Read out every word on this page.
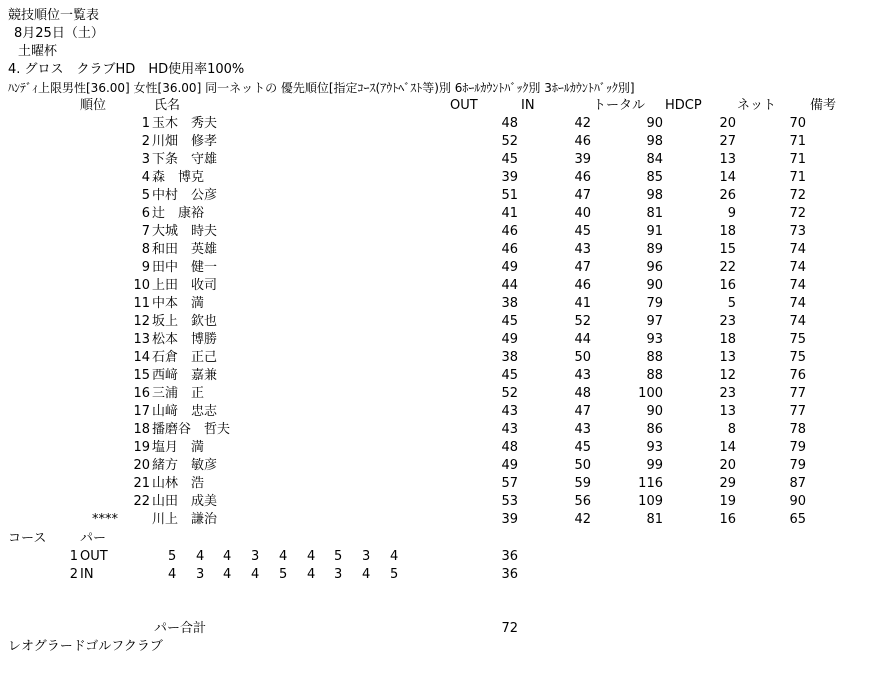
競技順位一覧表
8月25日（土）
土曜杯
4. グロス　クラブHD　HD使用率100%
ﾊﾝﾃﾞｨ上限男性[36.00] 女性[36.00] 同一ネットの 優先順位[指定ｺｰｽ(ｱｳﾄﾍﾞｽﾄ等)別 6ﾎｰﾙｶｳﾝﾄﾊﾞｯｸ別 3ﾎｰﾙｶｳﾝﾄﾊﾞｯｸ別]
順位	氏名	OUT	IN	トータル HDCP	ネット	備考
1 玉木　秀夫	48	42	90	20	70
2 川畑　修孝	52	46	98	27	71
3 下条　守雄	45	39	84	13	71
4 森　博克	39	46	85	14	71
5 中村　公彦	51	47	98	26	72
6 辻　康裕	41	40	81	9	72
7 大城　時夫	46	45	91	18	73
8 和田　英雄	46	43	89	15	74
9 田中　健一	49	47	96	22	74
10 上田　收司	44	46	90	16	74
11 中本　満	38	41	79	5	74
12 坂上　欽也	45	52	97	23	74
13 松本　博勝	49	44	93	18	75
14 石倉　正己	38	50	88	13	75
15 西﨑　嘉兼	45	43	88	12	76
16 三浦　正	52	48	100	23	77
17 山﨑　忠志	43	47	90	13	77
18 播磨谷　哲夫	43	43	86	8	78
19 塩月　満	48	45	93	14	79
20 緒方　敏彦	49	50	99	20	79
21 山林　浩	57	59	116	29	87
22 山田　成美	53	56	109	19	90
****	川上　謙治	39	42	81	16	65
コース	パー
1 OUT	5 4 4 3 4 4 5 3 4	36
2 IN	4 3 4 4 5 4 3 4 5	36
パー合計	72
レオグラードゴルフクラブ
